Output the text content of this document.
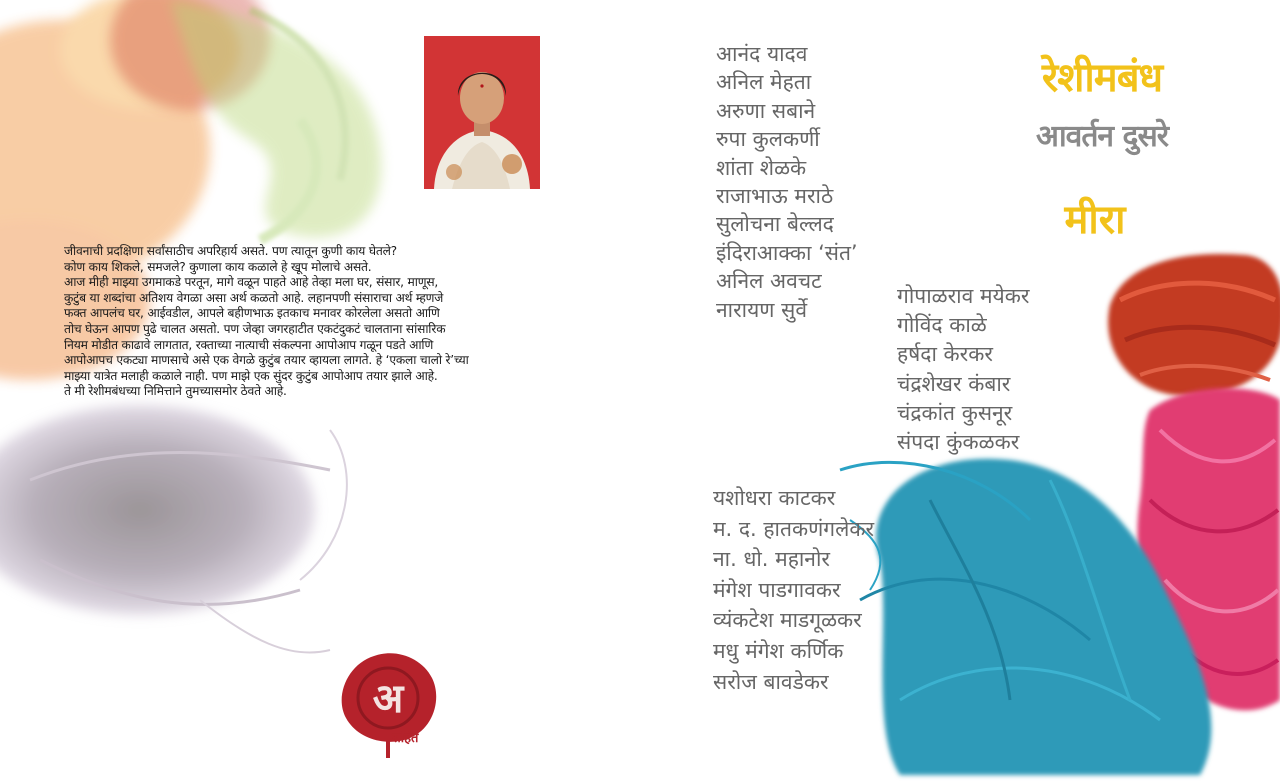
जीवनाची प्रदक्षिणा सर्वांसाठीच अपरिहार्य असते. पण त्यातून कुणी काय घेतले?
कोण काय शिकले, समजले? कुणाला काय कळाले हे खूप मोलाचे असते.
आज मीही माझ्या उगमाकडे परतून, मागे वळून पाहते आहे तेव्हा मला घर, संसार, माणूस,
कुटुंब या शब्दांचा अतिशय वेगळा असा अर्थ कळतो आहे. लहानपणी संसाराचा अर्थ म्हणजे
फक्त आपलंच घर, आईवडील, आपले बहीणभाऊ इतकाच मनावर कोरलेला असतो आणि
तोच घेऊन आपण पुढे चालत असतो. पण जेव्हा जगरहाटीत एकटंदुकटं चालताना सांसारिक
नियम मोडीत काढावे लागतात, रक्ताच्या नात्याची संकल्पना आपोआप गळून पडते आणि
आपोआपच एकट्या माणसाचे असे एक वेगळे कुटुंब तयार व्हायला लागते. हे ‘एकला चालो रे’च्या
माझ्या यात्रेत मलाही कळाले नाही. पण माझे एक सुंदर कुटुंब आपोआप तयार झाले आहे.
ते मी रेशीमबंधच्या निमित्ताने तुमच्यासमोर ठेवते आहे.

रेशीमबंध
आवर्तन दुसरे
मीरा
आनंद यादव
अनिल मेहता
अरुणा सबाने
रुपा कुलकर्णी
शांता शेळके
राजाभाऊ मराठे
सुलोचना बेल्लद
इंदिराआक्का ‘संत’
अनिल अवचट
नारायण सुर्वे
गोपाळराव मयेकर
गोविंद काळे
हर्षदा केरकर
चंद्रशेखर कंबार
चंद्रकांत कुसनूर
संपदा कुंकळकर
यशोधरा काटकर
म. द. हातकणंगलेकर
ना. धो. महानोर
मंगेश पाडगावकर
व्यंकटेश माडगूळकर
मधु मंगेश कर्णिक
सरोज बावडेकर
अ
सहित
